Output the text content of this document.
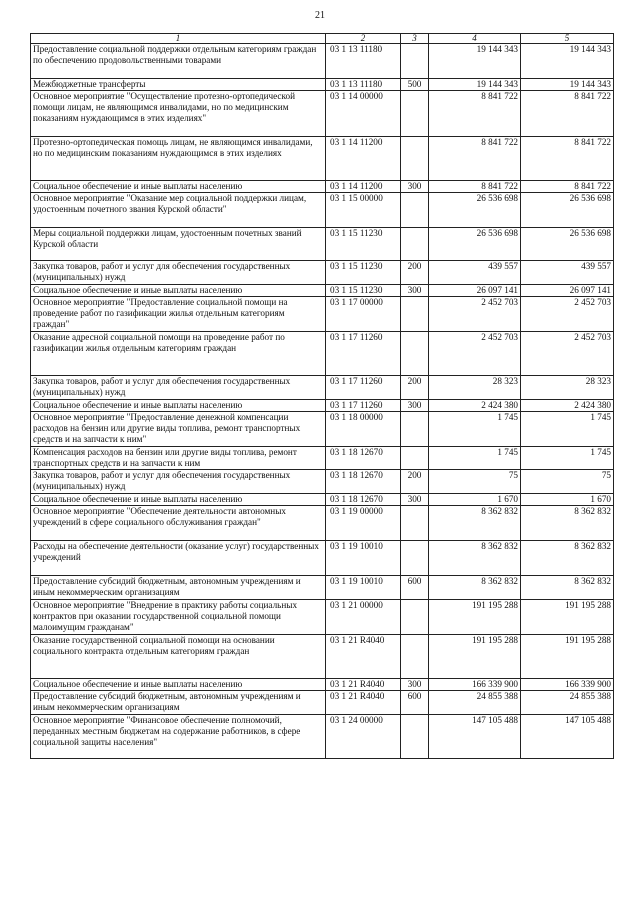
21
1	2	3	4	5
Предоставление социальной поддержки отдельным категориям граждан по обеспечению продовольственными товарами	03 1 13 11180		19 144 343	19 144 343
Межбюджетные трансферты	03 1 13 11180	500	19 144 343	19 144 343
Основное мероприятие "Осуществление протезно-ортопедической помощи лицам, не являющимся инвалидами, но по медицинским показаниям нуждающимся в этих изделиях"	03 1 14 00000		8 841 722	8 841 722
Протезно-ортопедическая помощь лицам, не являющимся инвалидами, но по медицинским показаниям нуждающимся в этих изделиях	03 1 14 11200		8 841 722	8 841 722
Социальное обеспечение и иные выплаты населению	03 1 14 11200	300	8 841 722	8 841 722
Основное мероприятие "Оказание мер социальной поддержки лицам, удостоенным почетного звания Курской области"	03 1 15 00000		26 536 698	26 536 698
Меры социальной поддержки лицам, удостоенным почетных званий Курской области	03 1 15 11230		26 536 698	26 536 698
Закупка товаров, работ и услуг для обеспечения государственных (муниципальных) нужд	03 1 15 11230	200	439 557	439 557
Социальное обеспечение и иные выплаты населению	03 1 15 11230	300	26 097 141	26 097 141
Основное мероприятие "Предоставление социальной помощи на проведение работ по газификации жилья отдельным категориям граждан"	03 1 17 00000		2 452 703	2 452 703
Оказание адресной социальной помощи на проведение работ по газификации жилья отдельным категориям граждан	03 1 17 11260		2 452 703	2 452 703
Закупка товаров, работ и услуг для обеспечения государственных (муниципальных) нужд	03 1 17 11260	200	28 323	28 323
Социальное обеспечение и иные выплаты населению	03 1 17 11260	300	2 424 380	2 424 380
Основное мероприятие "Предоставление денежной компенсации расходов на бензин или другие виды топлива, ремонт транспортных средств и на запчасти к ним"	03 1 18 00000		1 745	1 745
Компенсация расходов на бензин или другие виды топлива, ремонт транспортных средств и на запчасти к ним	03 1 18 12670		1 745	1 745
Закупка товаров, работ и услуг для обеспечения государственных (муниципальных) нужд	03 1 18 12670	200	75	75
Социальное обеспечение и иные выплаты населению	03 1 18 12670	300	1 670	1 670
Основное мероприятие "Обеспечение деятельности автономных учреждений в сфере социального обслуживания граждан"	03 1 19 00000		8 362 832	8 362 832
Расходы на обеспечение деятельности (оказание услуг) государственных учреждений	03 1 19 10010		8 362 832	8 362 832
Предоставление субсидий бюджетным, автономным учреждениям и иным некоммерческим организациям	03 1 19 10010	600	8 362 832	8 362 832
Основное мероприятие "Внедрение в практику работы социальных контрактов при оказании государственной социальной помощи малоимущим гражданам"	03 1 21 00000		191 195 288	191 195 288
Оказание государственной социальной помощи на основании социального контракта отдельным категориям граждан	03 1 21 R4040		191 195 288	191 195 288
Социальное обеспечение и иные выплаты населению	03 1 21 R4040	300	166 339 900	166 339 900
Предоставление субсидий бюджетным, автономным учреждениям и иным некоммерческим организациям	03 1 21 R4040	600	24 855 388	24 855 388
Основное мероприятие "Финансовое обеспечение полномочий, переданных местным бюджетам на содержание работников, в сфере социальной защиты населения"	03 1 24 00000		147 105 488	147 105 488
